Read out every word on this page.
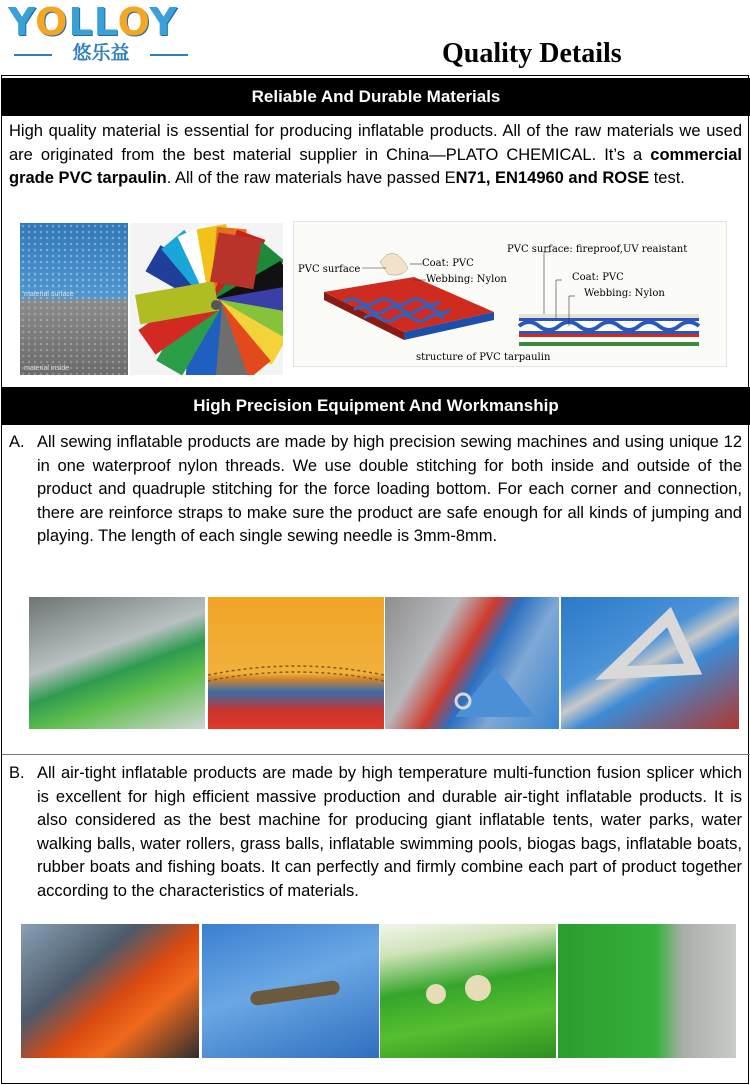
YOLLOY
悠乐益	Quality Details
Reliable And Durable Materials

High quality material is essential for producing inflatable products. All of the raw materials we used are originated from the best material supplier in China—PLATO CHEMICAL. It’s a commercial grade PVC tarpaulin. All of the raw materials have passed EN71, EN14960 and ROSE test.

material surface
material inside
PVC surface
Coat: PVC
Webbing: Nylon
PVC surface: fireproof,UV reaistant
Coat: PVC
Webbing: Nylon
structure of PVC tarpaulin
High Precision Equipment And Workmanship
A. All sewing inflatable products are made by high precision sewing machines and using unique 12 in one waterproof nylon threads. We use double stitching for both inside and outside of the product and quadruple stitching for the force loading bottom. For each corner and connection, there are reinforce straps to make sure the product are safe enough for all kinds of jumping and playing. The length of each single sewing needle is 3mm-8mm.

B. All air-tight inflatable products are made by high temperature multi-function fusion splicer which is excellent for high efficient massive production and durable air-tight inflatable products. It is also considered as the best machine for producing giant inflatable tents, water parks, water walking balls, water rollers, grass balls, inflatable swimming pools, biogas bags, inflatable boats, rubber boats and fishing boats. It can perfectly and firmly combine each part of product together according to the characteristics of materials.
